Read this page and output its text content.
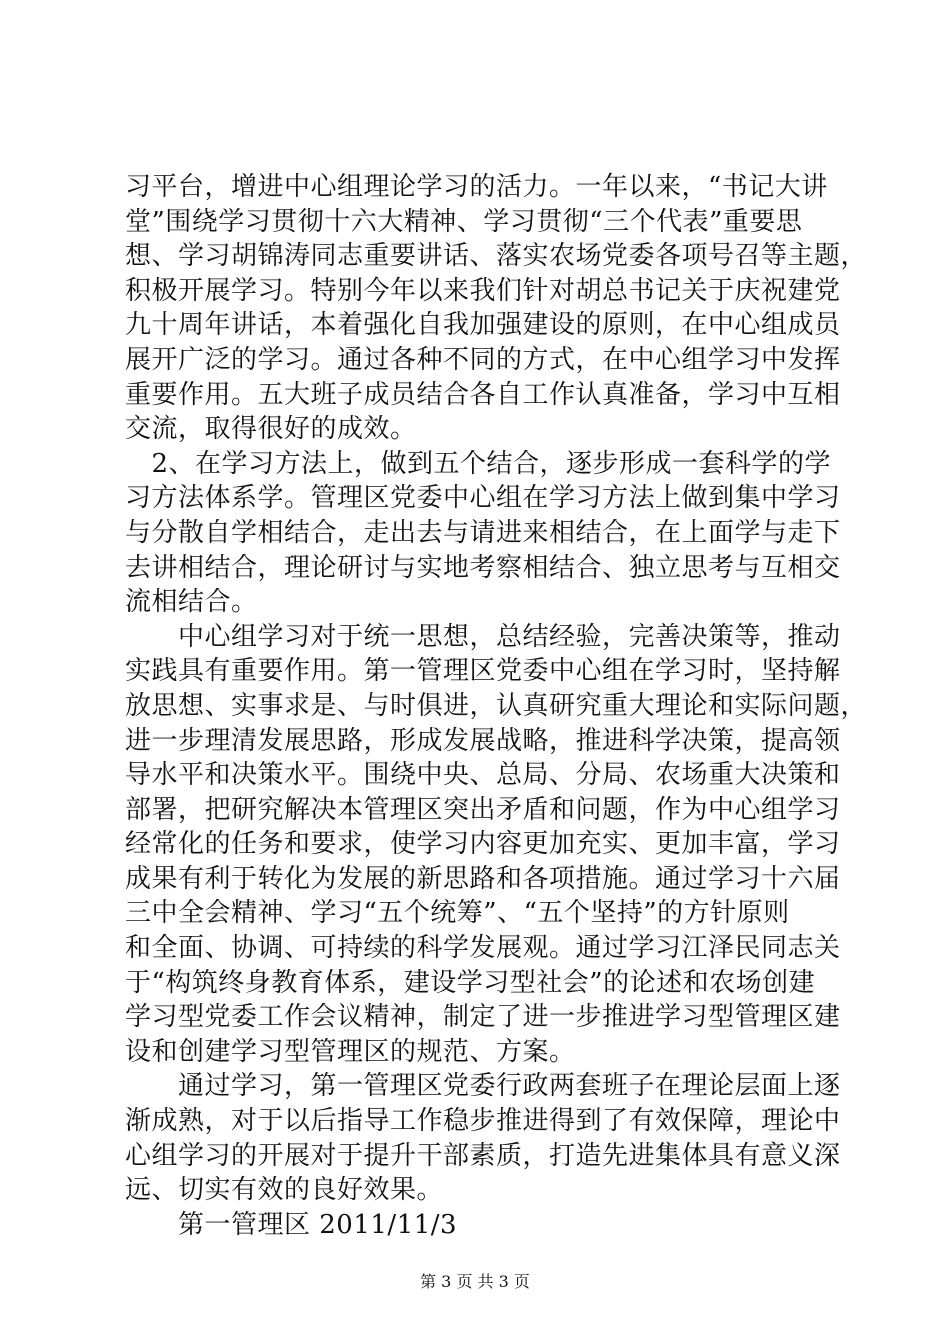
习平台，增进中心组理论学习的活力。一年以来，“书记大讲
堂”围绕学习贯彻十六大精神、学习贯彻“三个代表”重要思
想、学习胡锦涛同志重要讲话、落实农场党委各项号召等主题，
积极开展学习。特别今年以来我们针对胡总书记关于庆祝建党
九十周年讲话，本着强化自我加强建设的原则，在中心组成员
展开广泛的学习。通过各种不同的方式，在中心组学习中发挥
重要作用。五大班子成员结合各自工作认真准备，学习中互相
交流，取得很好的成效。
　2、在学习方法上，做到五个结合，逐步形成一套科学的学
习方法体系学。管理区党委中心组在学习方法上做到集中学习
与分散自学相结合，走出去与请进来相结合，在上面学与走下
去讲相结合，理论研讨与实地考察相结合、独立思考与互相交
流相结合。
　　中心组学习对于统一思想，总结经验，完善决策等，推动
实践具有重要作用。第一管理区党委中心组在学习时，坚持解
放思想、实事求是、与时俱进，认真研究重大理论和实际问题，
进一步理清发展思路，形成发展战略，推进科学决策，提高领
导水平和决策水平。围绕中央、总局、分局、农场重大决策和
部署，把研究解决本管理区突出矛盾和问题，作为中心组学习
经常化的任务和要求，使学习内容更加充实、更加丰富，学习
成果有利于转化为发展的新思路和各项措施。通过学习十六届
三中全会精神、学习“五个统筹”、“五个坚持”的方针原则
和全面、协调、可持续的科学发展观。通过学习江泽民同志关
于“构筑终身教育体系，建设学习型社会”的论述和农场创建
学习型党委工作会议精神，制定了进一步推进学习型管理区建
设和创建学习型管理区的规范、方案。
　　通过学习，第一管理区党委行政两套班子在理论层面上逐
渐成熟，对于以后指导工作稳步推进得到了有效保障，理论中
心组学习的开展对于提升干部素质，打造先进集体具有意义深
远、切实有效的良好效果。
　　第一管理区 2011/11/3
第 3 页 共 3 页
